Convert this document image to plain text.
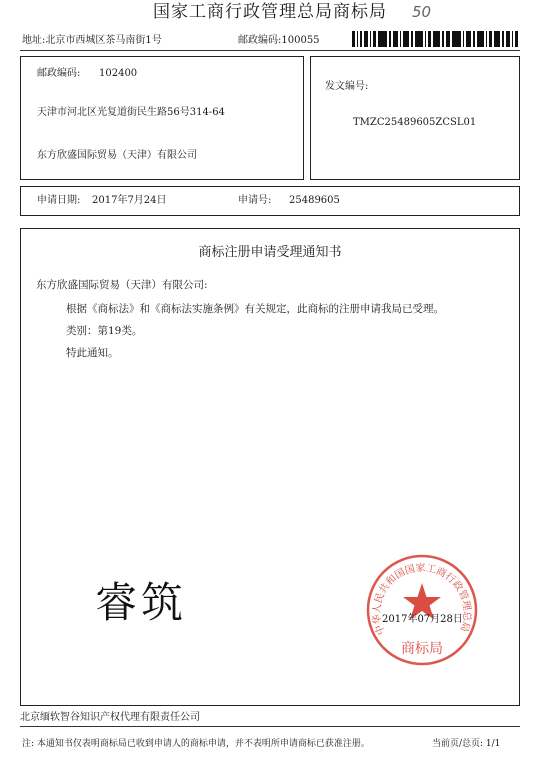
国家工商行政管理总局商标局	50
地址:北京市西城区茶马南街1号	邮政编码:100055
邮政编码: 102400
天津市河北区光复道街民生路56号314-64
东方欣盛国际贸易（天津）有限公司
发文编号:
TMZC25489605ZCSL01
申请日期: 2017年7月24日	申请号: 25489605
商标注册申请受理通知书
东方欣盛国际贸易（天津）有限公司:
根据《商标法》和《商标法实施条例》有关规定，此商标的注册申请我局已受理。
类别：第19类。
特此通知。
睿筑
中华人民共和国国家工商行政管理总局
商标局
2017年07月28日
北京缅软智谷知识产权代理有限责任公司
注: 本通知书仅表明商标局已收到申请人的商标申请，并不表明所申请商标已获准注册。	当前页/总页: 1/1
